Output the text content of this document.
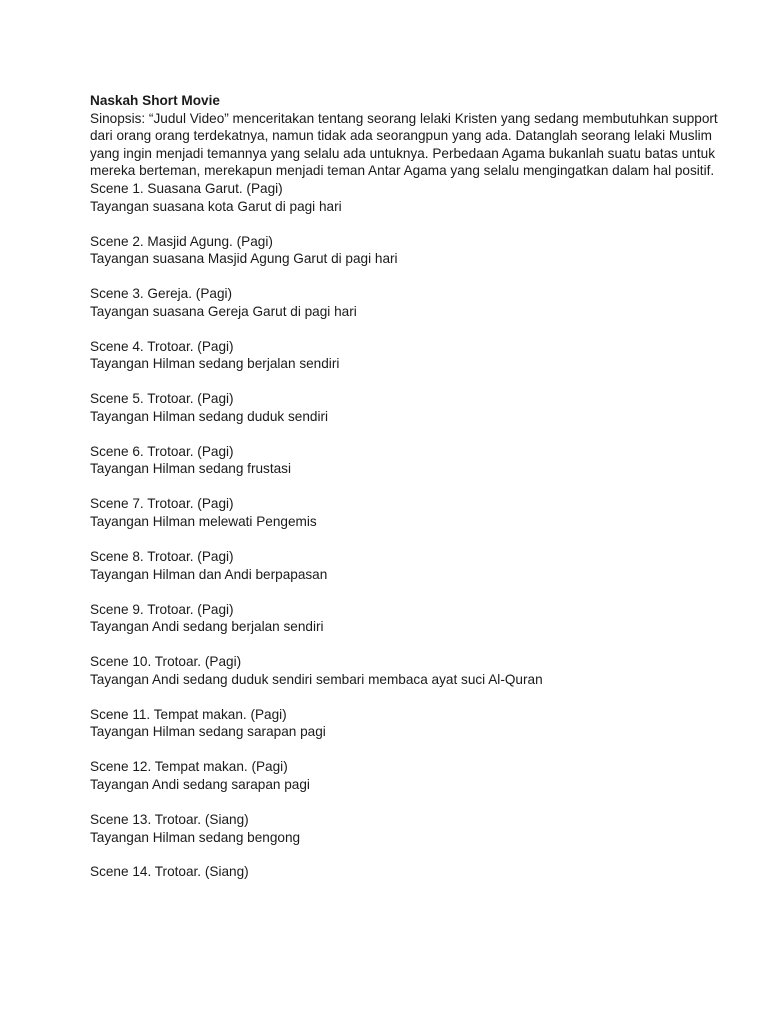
Naskah Short Movie

Sinopsis: “Judul Video” menceritakan tentang seorang lelaki Kristen yang sedang membutuhkan support dari orang orang terdekatnya, namun tidak ada seorangpun yang ada. Datanglah seorang lelaki Muslim yang ingin menjadi temannya yang selalu ada untuknya. Perbedaan Agama bukanlah suatu batas untuk mereka berteman, merekapun menjadi teman Antar Agama yang selalu mengingatkan dalam hal positif.

Scene 1. Suasana Garut. (Pagi)
Tayangan suasana kota Garut di pagi hari
Scene 2. Masjid Agung. (Pagi)
Tayangan suasana Masjid Agung Garut di pagi hari
Scene 3. Gereja. (Pagi)
Tayangan suasana Gereja Garut di pagi hari
Scene 4. Trotoar. (Pagi)
Tayangan Hilman sedang berjalan sendiri
Scene 5. Trotoar. (Pagi)
Tayangan Hilman sedang duduk sendiri
Scene 6. Trotoar. (Pagi)
Tayangan Hilman sedang frustasi
Scene 7. Trotoar. (Pagi)
Tayangan Hilman melewati Pengemis
Scene 8. Trotoar. (Pagi)
Tayangan Hilman dan Andi berpapasan
Scene 9. Trotoar. (Pagi)
Tayangan Andi sedang berjalan sendiri
Scene 10. Trotoar. (Pagi)
Tayangan Andi sedang duduk sendiri sembari membaca ayat suci Al-Quran
Scene 11. Tempat makan. (Pagi)
Tayangan Hilman sedang sarapan pagi
Scene 12. Tempat makan. (Pagi)
Tayangan Andi sedang sarapan pagi
Scene 13. Trotoar. (Siang)
Tayangan Hilman sedang bengong
Scene 14. Trotoar. (Siang)
